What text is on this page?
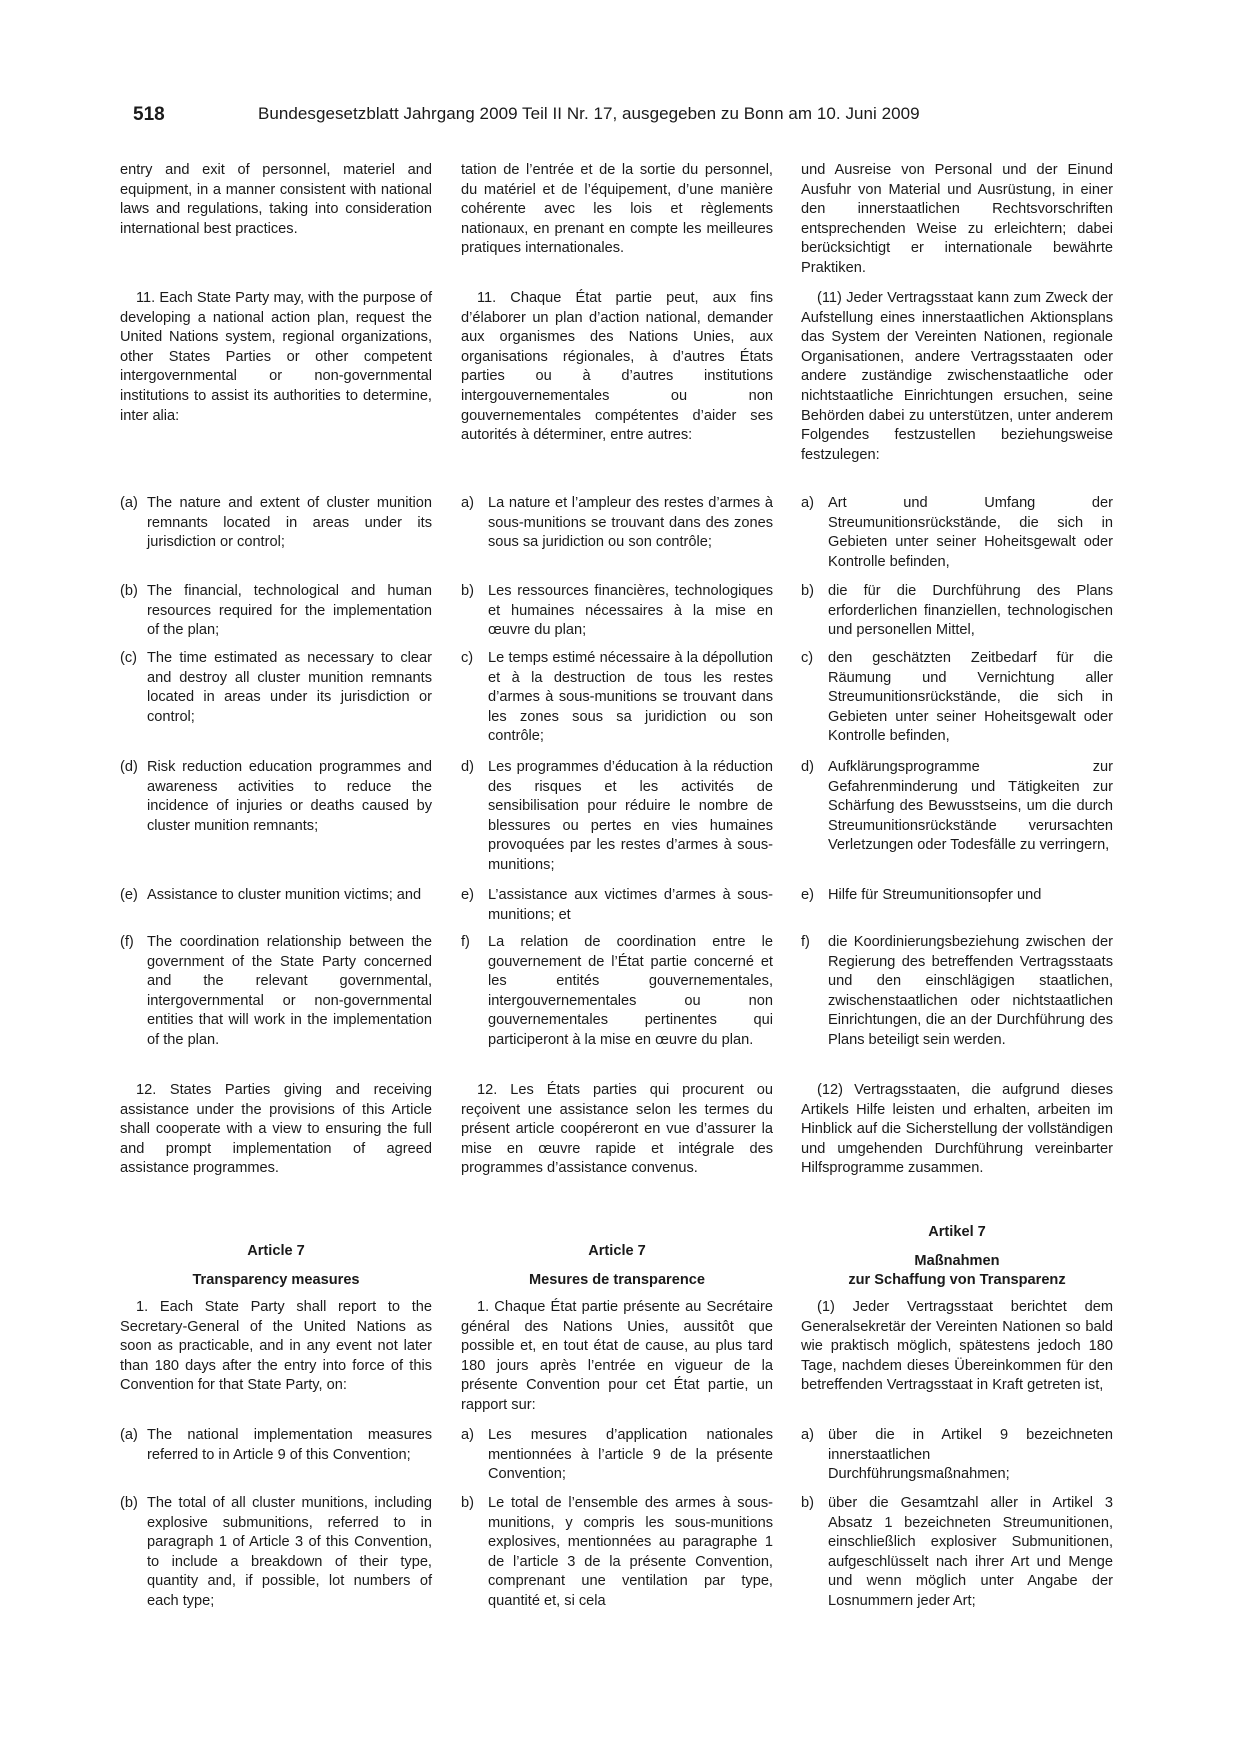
518	Bundesgesetzblatt Jahrgang 2009 Teil II Nr. 17, ausgegeben zu Bonn am 10. Juni 2009

entry and exit of personnel, materiel and equipment, in a manner consistent with national laws and regulations, taking into consideration international best practices.

11. Each State Party may, with the purpose of developing a national action plan, request the United Nations system, regional organizations, other States Parties or other competent intergovernmental or non-governmental institutions to assist its authorities to determine, inter alia:

(a) The nature and extent of cluster munition remnants located in areas under its jurisdiction or control;
(b) The financial, technological and human resources required for the implementation of the plan;
(c) The time estimated as necessary to clear and destroy all cluster munition remnants located in areas under its jurisdiction or control;
(d) Risk reduction education programmes and awareness activities to reduce the incidence of injuries or deaths caused by cluster munition remnants;
(e) Assistance to cluster munition victims; and
(f) The coordination relationship between the government of the State Party concerned and the relevant governmental, intergovernmental or non-governmental entities that will work in the implementation of the plan.

12. States Parties giving and receiving assistance under the provisions of this Article shall cooperate with a view to ensuring the full and prompt implementation of agreed assistance programmes.

Article 7
Transparency measures

1. Each State Party shall report to the Secretary-General of the United Nations as soon as practicable, and in any event not later than 180 days after the entry into force of this Convention for that State Party, on:

(a) The national implementation measures referred to in Article 9 of this Convention;
(b) The total of all cluster munitions, including explosive submunitions, referred to in paragraph 1 of Article 3 of this Convention, to include a breakdown of their type, quantity and, if possible, lot numbers of each type;

tation de l’entrée et de la sortie du personnel, du matériel et de l’équipement, d’une manière cohérente avec les lois et règlements nationaux, en prenant en compte les meilleures pratiques internationales.

11. Chaque État partie peut, aux fins d’élaborer un plan d’action national, demander aux organismes des Nations Unies, aux organisations régionales, à d’autres États parties ou à d’autres institutions intergouvernementales ou non gouvernementales compétentes d’aider ses autorités à déterminer, entre autres:

a) La nature et l’ampleur des restes d’armes à sous-munitions se trouvant dans des zones sous sa juridiction ou son contrôle;
b) Les ressources financières, technologiques et humaines nécessaires à la mise en œuvre du plan;
c)	Le temps estimé nécessaire à la dépollution et à la destruction de tous les restes d’armes à sous-munitions se trouvant dans les zones sous sa juridiction ou son contrôle;
d) Les programmes d’éducation à la réduction des risques et les activités de sensibilisation pour réduire le nombre de blessures ou pertes en vies humaines provoquées par les restes d’armes à sous-munitions;
e) L’assistance aux victimes d’armes à sous-munitions; et
f)	La relation de coordination entre le gouvernement de l’État partie concerné et les entités gouvernementales, intergouvernementales ou non gouvernementales pertinentes qui participeront à la mise en œuvre du plan.

12. Les États parties qui procurent ou reçoivent une assistance selon les termes du présent article coopéreront en vue d’assurer la mise en œuvre rapide et intégrale des programmes d’assistance convenus.

Article 7
Mesures de transparence

1. Chaque État partie présente au Secrétaire général des Nations Unies, aussitôt que possible et, en tout état de cause, au plus tard 180 jours après l’entrée en vigueur de la présente Convention pour cet État partie, un rapport sur:

a) Les mesures d’application nationales mentionnées à l’article 9 de la présente Convention;
b) Le total de l’ensemble des armes à sous-munitions, y compris les sous-munitions explosives, mentionnées au paragraphe 1 de l’article 3 de la présente Convention, comprenant une ventilation par type, quantité et, si cela

und Ausreise von Personal und der Einund Ausfuhr von Material und Ausrüstung, in einer den innerstaatlichen Rechtsvorschriften entsprechenden Weise zu erleichtern; dabei berücksichtigt er internationale bewährte Praktiken.

(11) Jeder Vertragsstaat kann zum Zweck der Aufstellung eines innerstaatlichen Aktionsplans das System der Vereinten Nationen, regionale Organisationen, andere Vertragsstaaten oder andere zuständige zwischenstaatliche oder nichtstaatliche Einrichtungen ersuchen, seine Behörden dabei zu unterstützen, unter anderem Folgendes festzustellen beziehungsweise festzulegen:

a) Art und Umfang der Streumunitionsrückstände, die sich in Gebieten unter seiner Hoheitsgewalt oder Kontrolle befinden,
b) die für die Durchführung des Plans erforderlichen finanziellen, technologischen und personellen Mittel,
c)	den geschätzten Zeitbedarf für die Räumung und Vernichtung aller Streumunitionsrückstände, die sich in Gebieten unter seiner Hoheitsgewalt oder Kontrolle befinden,
d) Aufklärungsprogramme zur Gefahrenminderung und Tätigkeiten zur Schärfung des Bewusstseins, um die durch Streumunitionsrückstände verursachten Verletzungen oder Todesfälle zu verringern,
e) Hilfe für Streumunitionsopfer und
f)	die Koordinierungsbeziehung zwischen der Regierung des betreffenden Vertragsstaats und den einschlägigen staatlichen, zwischenstaatlichen oder nichtstaatlichen Einrichtungen, die an der Durchführung des Plans beteiligt sein werden.

(12) Vertragsstaaten, die aufgrund dieses Artikels Hilfe leisten und erhalten, arbeiten im Hinblick auf die Sicherstellung der vollständigen und umgehenden Durchführung vereinbarter Hilfsprogramme zusammen.

Artikel 7
Maßnahmen
zur Schaffung von Transparenz

(1) Jeder Vertragsstaat berichtet dem Generalsekretär der Vereinten Nationen so bald wie praktisch möglich, spätestens jedoch 180 Tage, nachdem dieses Übereinkommen für den betreffenden Vertragsstaat in Kraft getreten ist,

a) über die in Artikel 9 bezeichneten innerstaatlichen Durchführungsmaßnahmen;
b) über die Gesamtzahl aller in Artikel 3 Absatz 1 bezeichneten Streumunitionen, einschließlich explosiver Submunitionen, aufgeschlüsselt nach ihrer Art und Menge und wenn möglich unter Angabe der Losnummern jeder Art;
